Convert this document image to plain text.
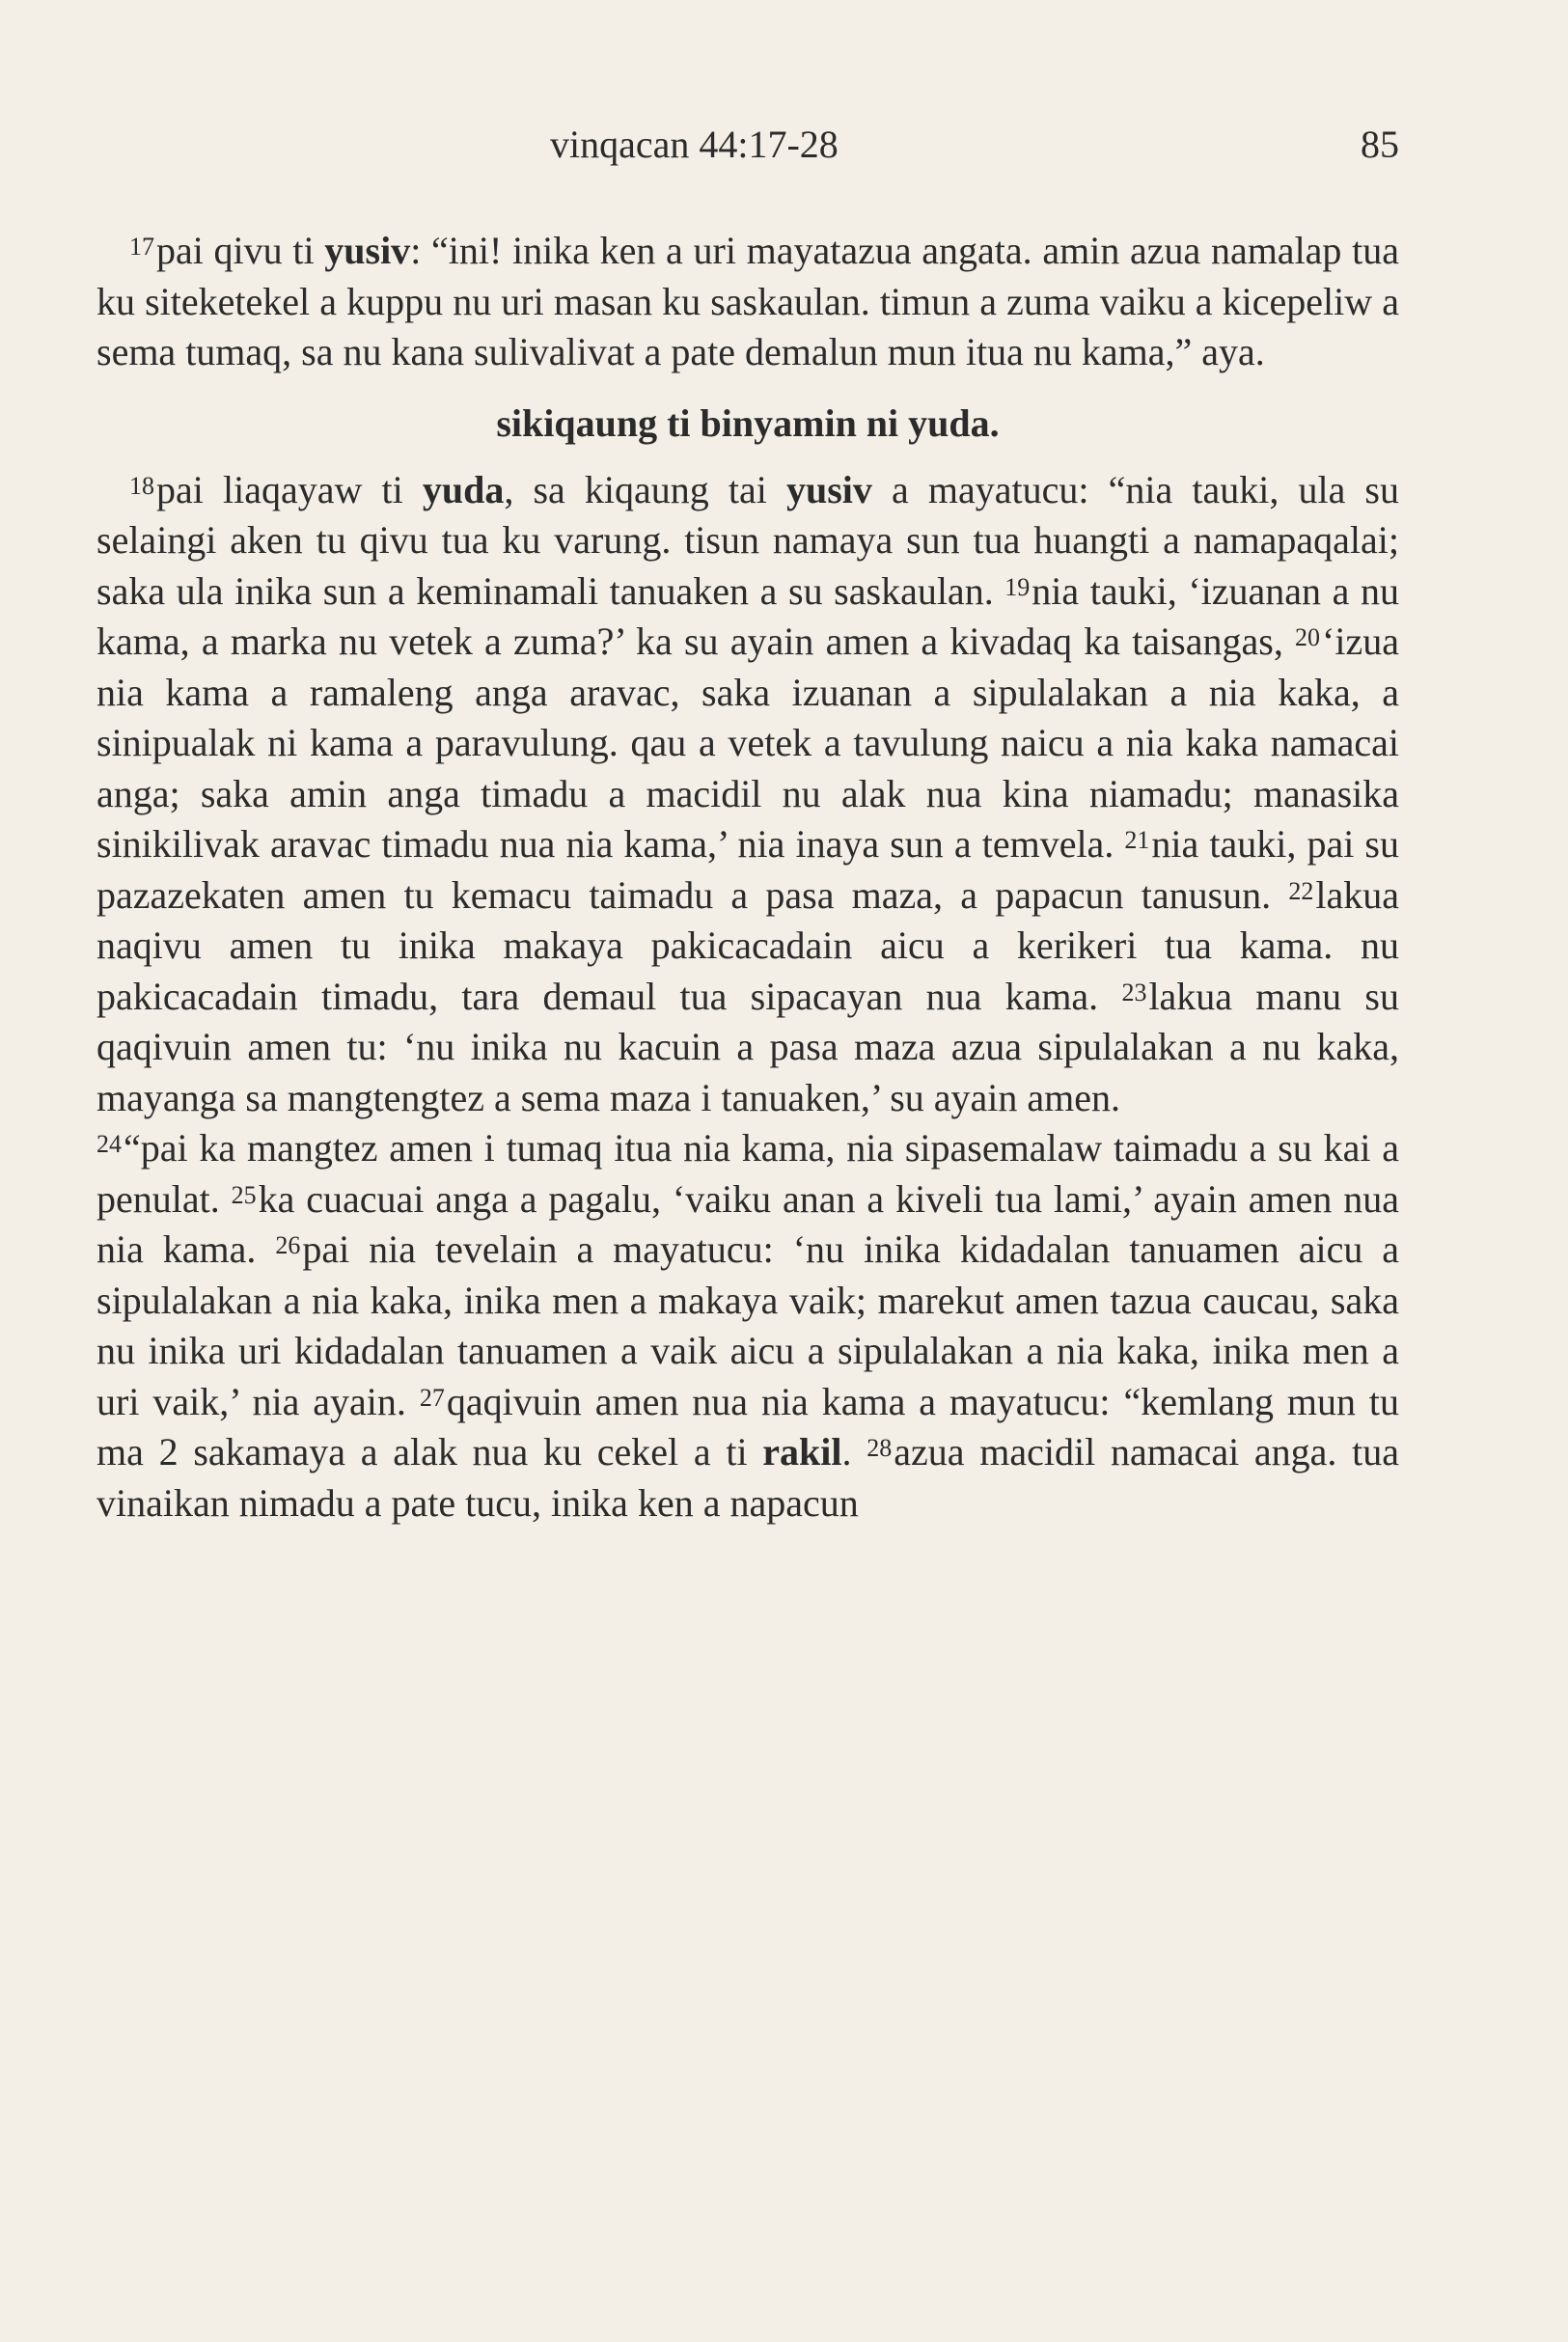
vinqacan 44:17-28	85

$^{17}$pai qivu ti yusiv: “ini! inika ken a uri mayatazua angata. amin azua namalap tua ku siteketekel a kuppu nu uri masan ku saskaulan. timun a zuma vaiku a kicepeliw a sema tumaq, sa nu kana sulivalivat a pate demalun mun itua nu kama,” aya.

sikiqaung ti binyamin ni yuda.

$^{18}$pai liaqayaw ti yuda, sa kiqaung tai yusiv a mayatucu: “nia tauki, ula su selaingi aken tu qivu tua ku varung. tisun namaya sun tua huangti a namapaqalai; saka ula inika sun a keminamali tanuaken a su saskaulan. $^{19}$nia tauki, ‘izuanan a nu kama, a marka nu vetek a zuma?’ ka su ayain amen a kivadaq ka taisangas, $^{20}$‘izua nia kama a ramaleng anga aravac, saka izuanan a sipulalakan a nia kaka, a sinipualak ni kama a paravulung. qau a vetek a tavulung naicu a nia kaka namacai anga; saka amin anga timadu a macidil nu alak nua kina niamadu; manasika sinikilivak aravac timadu nua nia kama,’ nia inaya sun a temvela. $^{21}$nia tauki, pai su pazazekaten amen tu kemacu taimadu a pasa maza, a papacun tanusun. $^{22}$lakua naqivu amen tu inika makaya pakicacadain aicu a kerikeri tua kama. nu pakicacadain timadu, tara demaul tua sipacayan nua kama. $^{23}$lakua manu su qaqivuin amen tu: ‘nu inika nu kacuin a pasa maza azua sipulalakan a nu kaka, mayanga sa mangtengtez a sema maza i tanuaken,’ su ayain amen.

$^{24}$“pai ka mangtez amen i tumaq itua nia kama, nia sipasemalaw taimadu a su kai a penulat. $^{25}$ka cuacuai anga a pagalu, ‘vaiku anan a kiveli tua lami,’ ayain amen nua nia kama. $^{26}$pai nia tevelain a mayatucu: ‘nu inika kidadalan tanuamen aicu a sipulalakan a nia kaka, inika men a makaya vaik; marekut amen tazua caucau, saka nu inika uri kidadalan tanuamen a vaik aicu a sipulalakan a nia kaka, inika men a uri vaik,’ nia ayain. $^{27}$qaqivuin amen nua nia kama a mayatucu: “kemlang mun tu ma 2 sakamaya a alak nua ku cekel a ti rakil. $^{28}$azua macidil namacai anga. tua vinaikan nimadu a pate tucu, inika ken a napacun
